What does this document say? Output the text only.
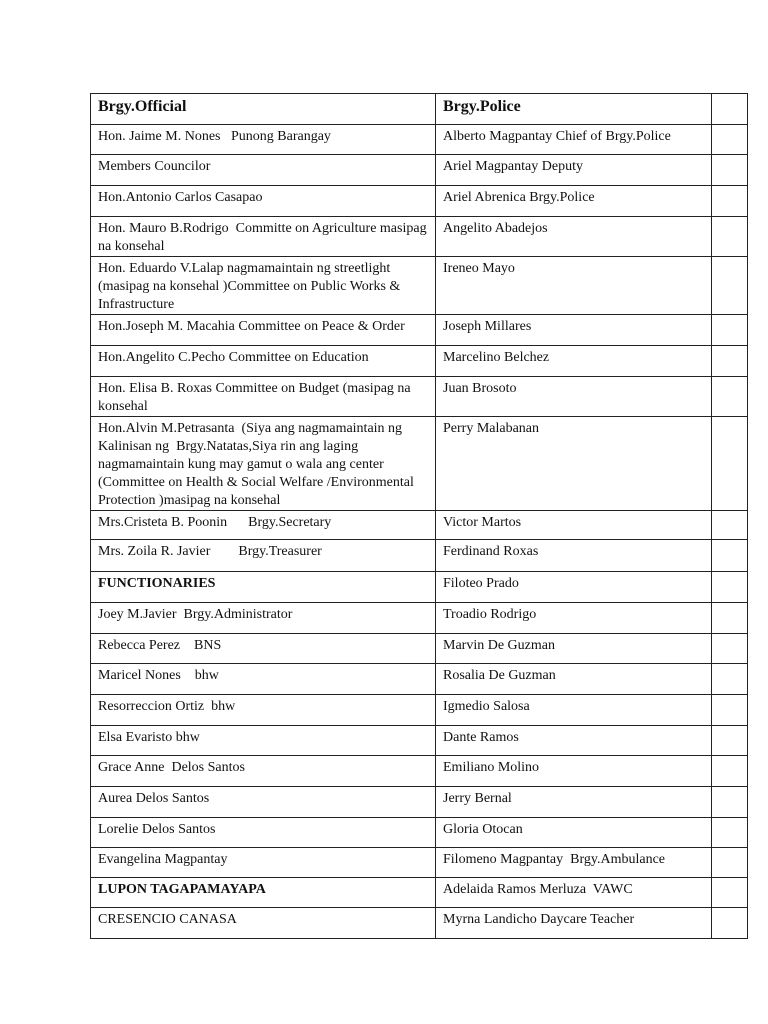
Brgy.Official	Brgy.Police	
Hon. Jaime M. Nones   Punong Barangay	Alberto Magpantay Chief of Brgy.Police	
Members Councilor	Ariel Magpantay Deputy	
Hon.Antonio Carlos Casapao	Ariel Abrenica Brgy.Police	
Hon. Mauro B.Rodrigo  Committe on Agriculture masipag na konsehal	Angelito Abadejos	
Hon. Eduardo V.Lalap nagmamaintain ng streetlight (masipag na konsehal )Committee on Public Works & Infrastructure	Ireneo Mayo	
Hon.Joseph M. Macahia Committee on Peace & Order	Joseph Millares	
Hon.Angelito C.Pecho Committee on Education	Marcelino Belchez	
Hon. Elisa B. Roxas Committee on Budget (masipag na konsehal	Juan Brosoto	
Hon.Alvin M.Petrasanta  (Siya ang nagmamaintain ng Kalinisan ng  Brgy.Natatas,Siya rin ang laging nagmamaintain kung may gamut o wala ang center (Committee on Health & Social Welfare /Environmental Protection )masipag na konsehal	Perry Malabanan	
Mrs.Cristeta B. Poonin      Brgy.Secretary	Victor Martos	
Mrs. Zoila R. Javier        Brgy.Treasurer	Ferdinand Roxas	
FUNCTIONARIES	Filoteo Prado	
Joey M.Javier  Brgy.Administrator	Troadio Rodrigo	
Rebecca Perez    BNS	Marvin De Guzman	
Maricel Nones    bhw	Rosalia De Guzman	
Resorreccion Ortiz  bhw	Igmedio Salosa	
Elsa Evaristo bhw	Dante Ramos	
Grace Anne  Delos Santos	Emiliano Molino	
Aurea Delos Santos	Jerry Bernal	
Lorelie Delos Santos	Gloria Otocan	
Evangelina Magpantay	Filomeno Magpantay  Brgy.Ambulance	
LUPON TAGAPAMAYAPA	Adelaida Ramos Merluza  VAWC	
CRESENCIO CANASA	Myrna Landicho Daycare Teacher	
